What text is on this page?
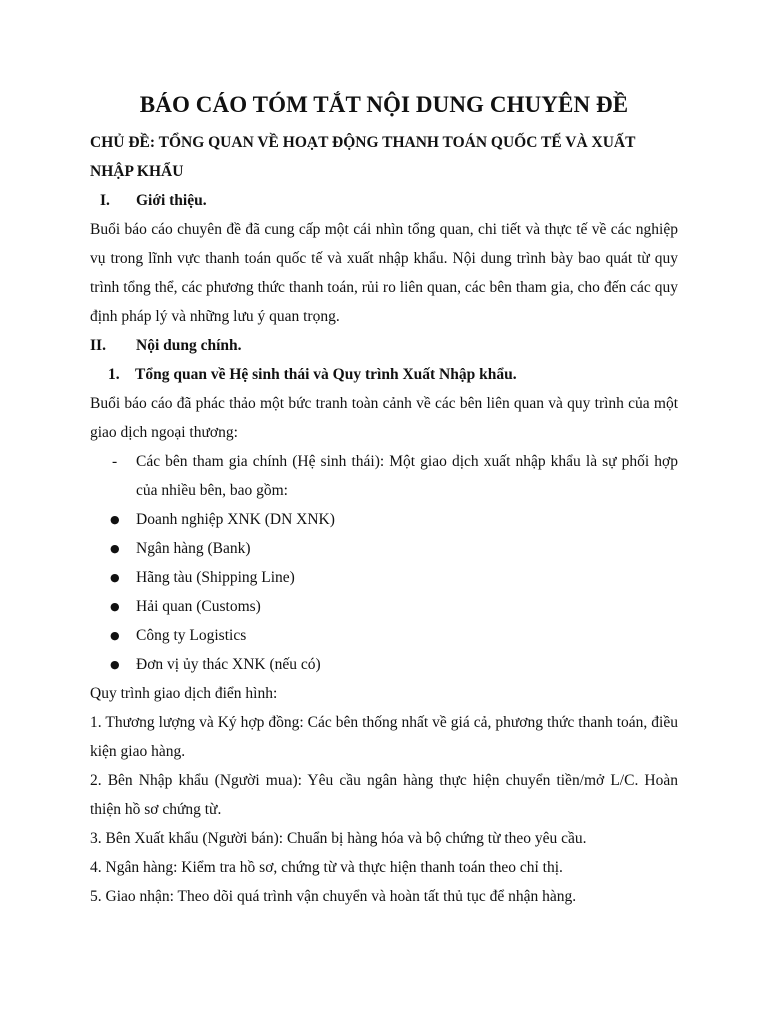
BÁO CÁO TÓM TẮT NỘI DUNG CHUYÊN ĐỀ

CHỦ ĐỀ: TỔNG QUAN VỀ HOẠT ĐỘNG THANH TOÁN QUỐC TẾ VÀ XUẤT

NHẬP KHẨU

I.	Giới thiệu.

Buổi báo cáo chuyên đề đã cung cấp một cái nhìn tổng quan, chi tiết và thực tế về các nghiệp vụ trong lĩnh vực thanh toán quốc tế và xuất nhập khẩu. Nội dung trình bày bao quát từ quy trình tổng thể, các phương thức thanh toán, rủi ro liên quan, các bên tham gia, cho đến các quy định pháp lý và những lưu ý quan trọng.

II.	Nội dung chính.
1. Tổng quan về Hệ sinh thái và Quy trình Xuất Nhập khẩu.

Buổi báo cáo đã phác thảo một bức tranh toàn cảnh về các bên liên quan và quy trình của một giao dịch ngoại thương:

-	Các bên tham gia chính (Hệ sinh thái): Một giao dịch xuất nhập khẩu là sự phối hợp của nhiều bên, bao gồm:
●	Doanh nghiệp XNK (DN XNK)
●	Ngân hàng (Bank)
●	Hãng tàu (Shipping Line)
●	Hải quan (Customs)
●	Công ty Logistics
●	Đơn vị ủy thác XNK (nếu có)

Quy trình giao dịch điển hình:

1. Thương lượng và Ký hợp đồng: Các bên thống nhất về giá cả, phương thức thanh toán, điều kiện giao hàng.

2. Bên Nhập khẩu (Người mua): Yêu cầu ngân hàng thực hiện chuyển tiền/mở L/C. Hoàn thiện hồ sơ chứng từ.

3. Bên Xuất khẩu (Người bán): Chuẩn bị hàng hóa và bộ chứng từ theo yêu cầu.

4. Ngân hàng: Kiểm tra hồ sơ, chứng từ và thực hiện thanh toán theo chỉ thị.

5. Giao nhận: Theo dõi quá trình vận chuyển và hoàn tất thủ tục để nhận hàng.
